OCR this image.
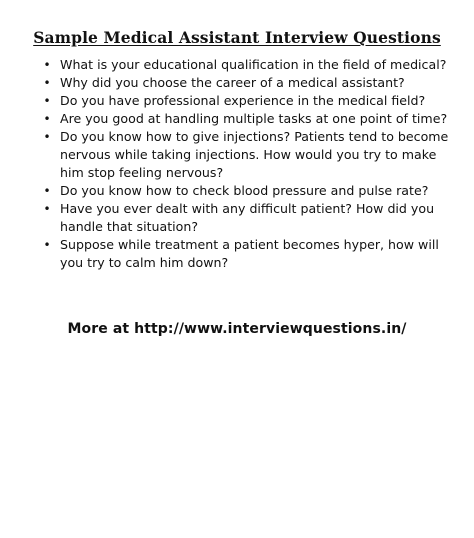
Sample Medical Assistant Interview Questions
• What is your educational qualification in the field of medical?
• Why did you choose the career of a medical assistant?
• Do you have professional experience in the medical field?
• Are you good at handling multiple tasks at one point of time?
• Do you know how to give injections? Patients tend to become nervous while taking injections. How would you try to make him stop feeling nervous?
• Do you know how to check blood pressure and pulse rate?
• Have you ever dealt with any difficult patient? How did you handle that situation?
• Suppose while treatment a patient becomes hyper, how will you try to calm him down?
More at http://www.interviewquestions.in/
